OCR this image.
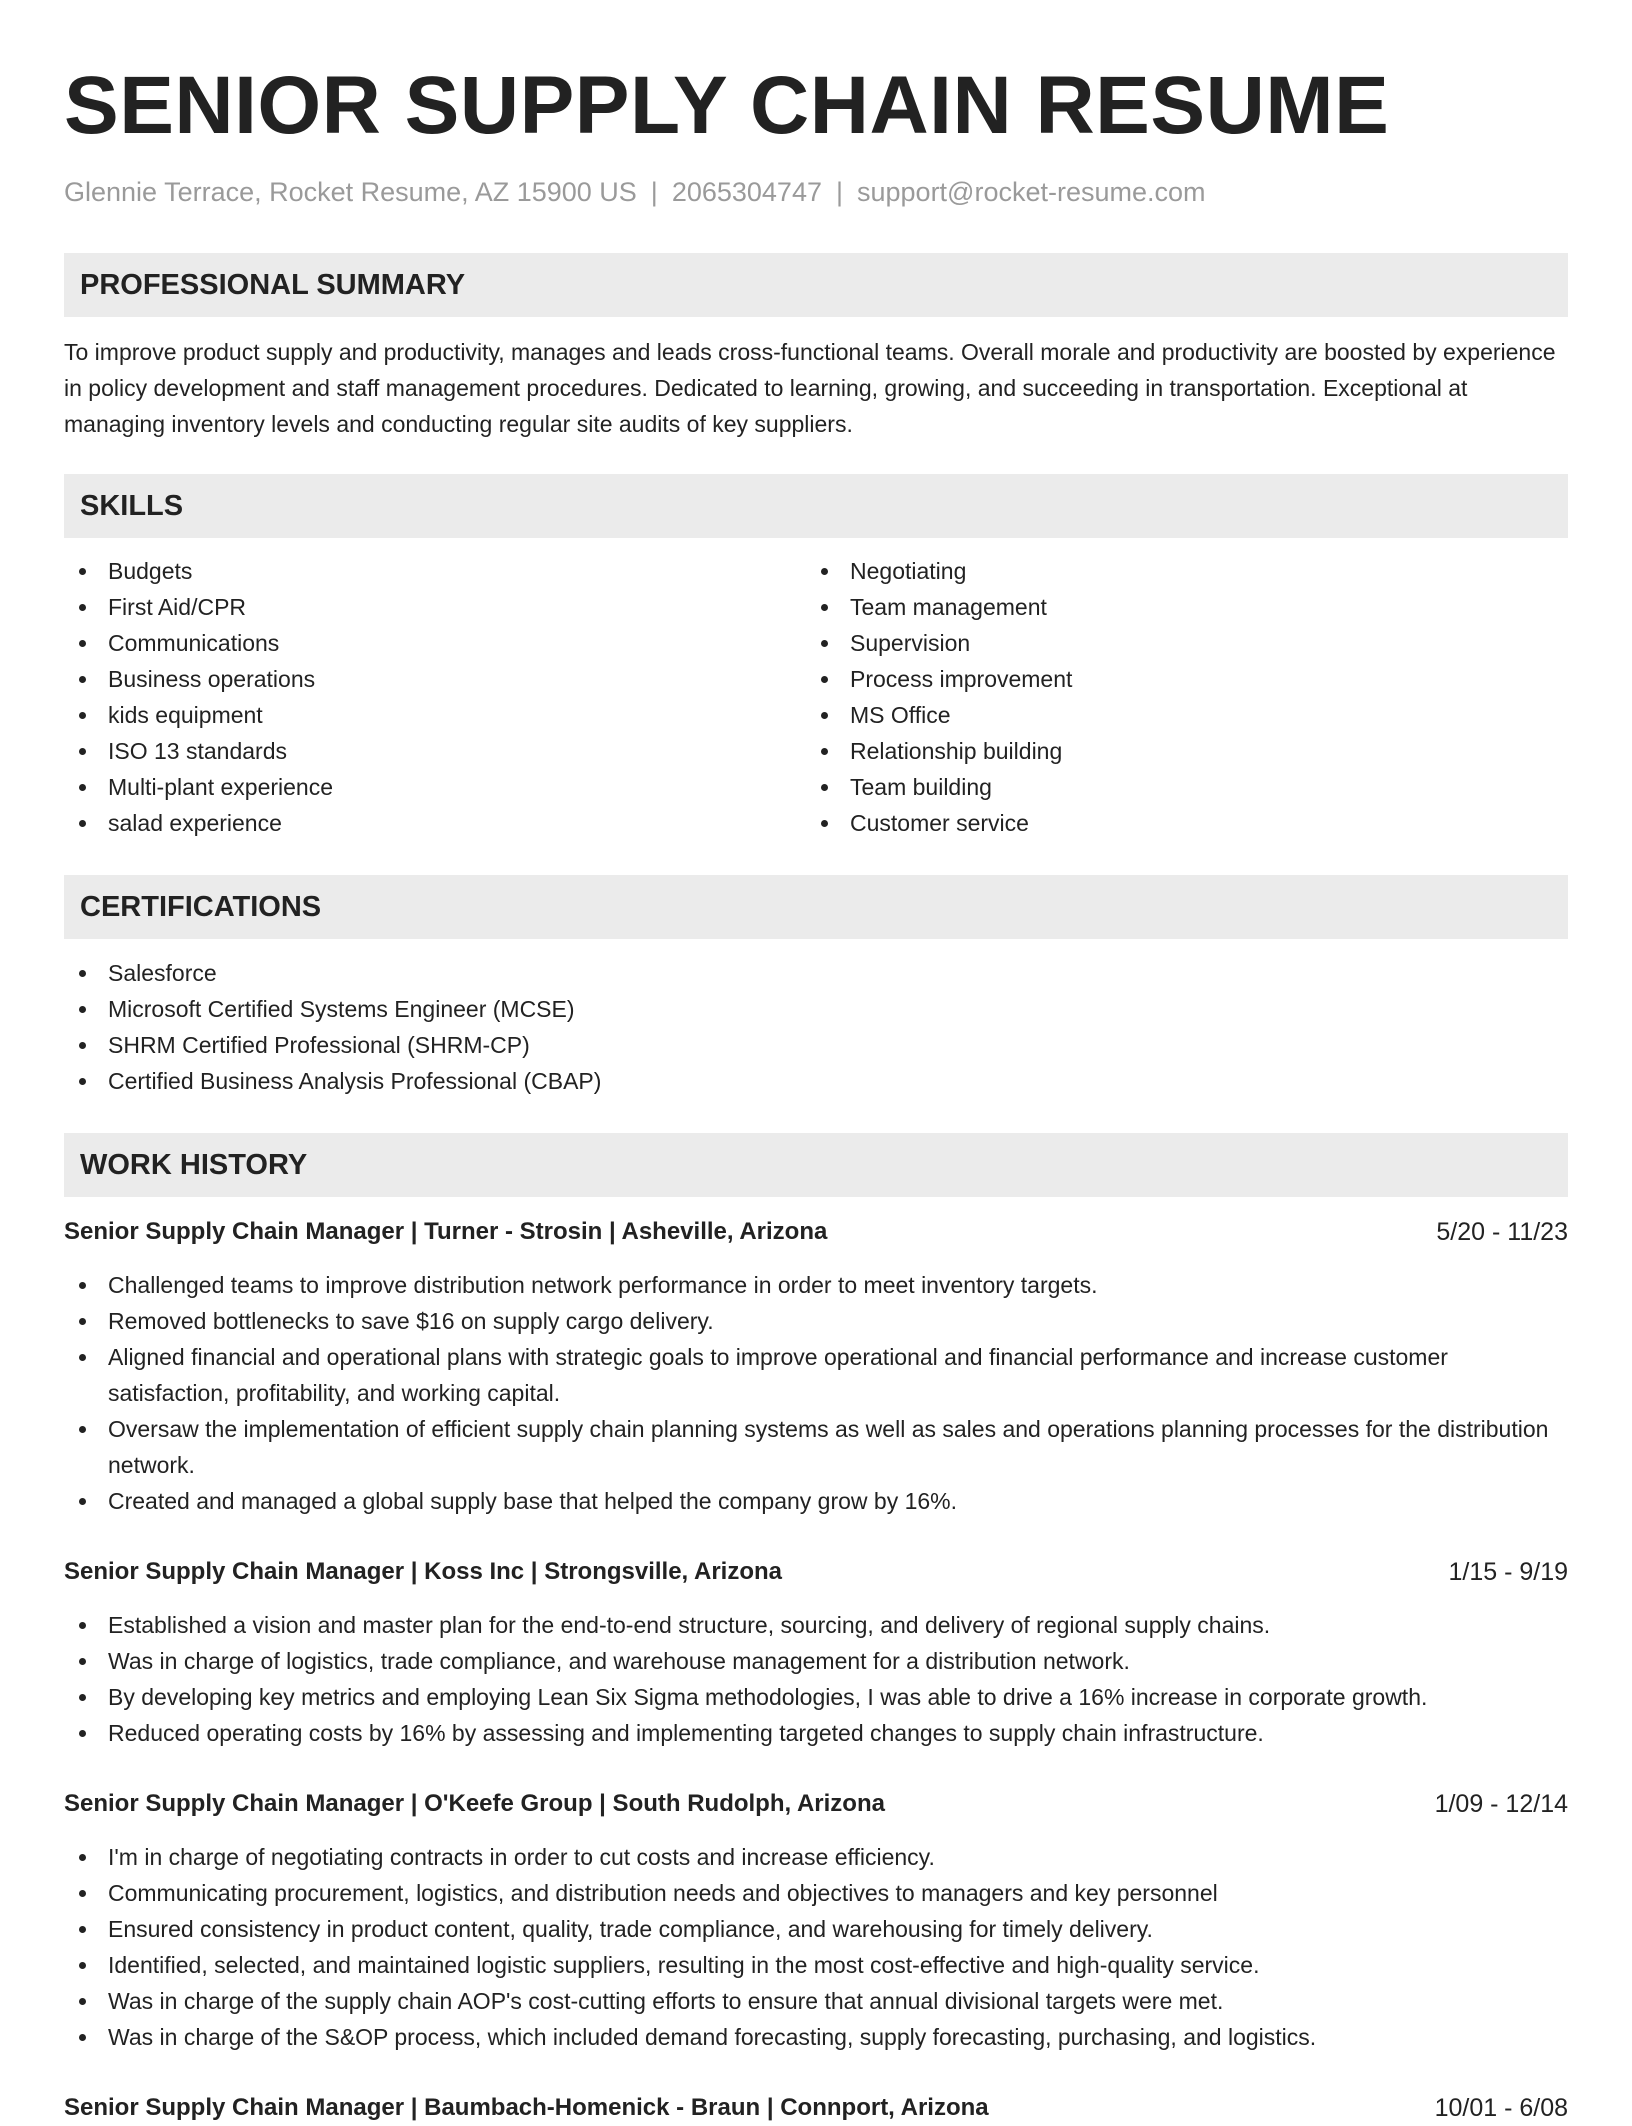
SENIOR SUPPLY CHAIN RESUME
Glennie Terrace, Rocket Resume, AZ 15900 US | 2065304747 | support@rocket-resume.com
PROFESSIONAL SUMMARY
To improve product supply and productivity, manages and leads cross-functional teams. Overall morale and productivity are boosted by experience in policy development and staff management procedures. Dedicated to learning, growing, and succeeding in transportation. Exceptional at managing inventory levels and conducting regular site audits of key suppliers.
SKILLS
Budgets
First Aid/CPR
Communications
Business operations
kids equipment
ISO 13 standards
Multi-plant experience
salad experience
Negotiating
Team management
Supervision
Process improvement
MS Office
Relationship building
Team building
Customer service
CERTIFICATIONS
Salesforce
Microsoft Certified Systems Engineer (MCSE)
SHRM Certified Professional (SHRM-CP)
Certified Business Analysis Professional (CBAP)
WORK HISTORY
Senior Supply Chain Manager | Turner - Strosin | Asheville, Arizona	5/20 - 11/23
Challenged teams to improve distribution network performance in order to meet inventory targets.
Removed bottlenecks to save $16 on supply cargo delivery.
Aligned financial and operational plans with strategic goals to improve operational and financial performance and increase customer satisfaction, profitability, and working capital.
Oversaw the implementation of efficient supply chain planning systems as well as sales and operations planning processes for the distribution network.
Created and managed a global supply base that helped the company grow by 16%.
Senior Supply Chain Manager | Koss Inc | Strongsville, Arizona	1/15 - 9/19
Established a vision and master plan for the end-to-end structure, sourcing, and delivery of regional supply chains.
Was in charge of logistics, trade compliance, and warehouse management for a distribution network.
By developing key metrics and employing Lean Six Sigma methodologies, I was able to drive a 16% increase in corporate growth.
Reduced operating costs by 16% by assessing and implementing targeted changes to supply chain infrastructure.
Senior Supply Chain Manager | O'Keefe Group | South Rudolph, Arizona	1/09 - 12/14
I'm in charge of negotiating contracts in order to cut costs and increase efficiency.
Communicating procurement, logistics, and distribution needs and objectives to managers and key personnel
Ensured consistency in product content, quality, trade compliance, and warehousing for timely delivery.
Identified, selected, and maintained logistic suppliers, resulting in the most cost-effective and high-quality service.
Was in charge of the supply chain AOP's cost-cutting efforts to ensure that annual divisional targets were met.
Was in charge of the S&OP process, which included demand forecasting, supply forecasting, purchasing, and logistics.
Senior Supply Chain Manager | Baumbach-Homenick - Braun | Connport, Arizona	10/01 - 6/08
